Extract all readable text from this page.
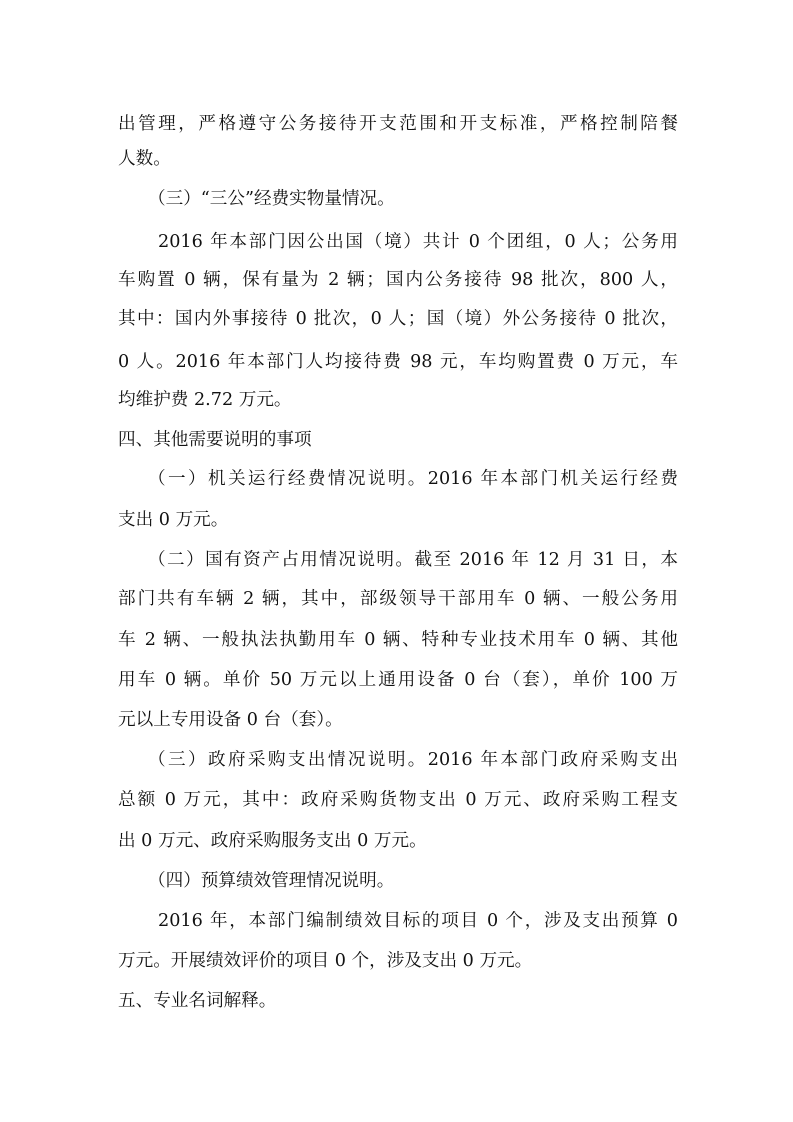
出管理，严格遵守公务接待开支范围和开支标准，严格控制陪餐
人数。
（三）“三公”经费实物量情况。
2016 年本部门因公出国（境）共计 0 个团组，0 人；公务用
车购置 0 辆，保有量为 2 辆；国内公务接待 98 批次，800 人，
其中：国内外事接待 0 批次，0 人；国（境）外公务接待 0 批次，
0 人。2016 年本部门人均接待费 98 元，车均购置费 0 万元，车
均维护费 2.72 万元。
四、其他需要说明的事项
（一）机关运行经费情况说明。2016 年本部门机关运行经费
支出 0 万元。
（二）国有资产占用情况说明。截至 2016 年 12 月 31 日，本
部门共有车辆 2 辆，其中，部级领导干部用车 0 辆、一般公务用
车 2 辆、一般执法执勤用车 0 辆、特种专业技术用车 0 辆、其他
用车 0 辆。单价 50 万元以上通用设备 0 台（套），单价 100 万
元以上专用设备 0 台（套）。
（三）政府采购支出情况说明。2016 年本部门政府采购支出
总额 0 万元，其中：政府采购货物支出 0 万元、政府采购工程支
出 0 万元、政府采购服务支出 0 万元。
（四）预算绩效管理情况说明。
2016 年，本部门编制绩效目标的项目 0 个，涉及支出预算 0
万元。开展绩效评价的项目 0 个，涉及支出 0 万元。
五、专业名词解释。
